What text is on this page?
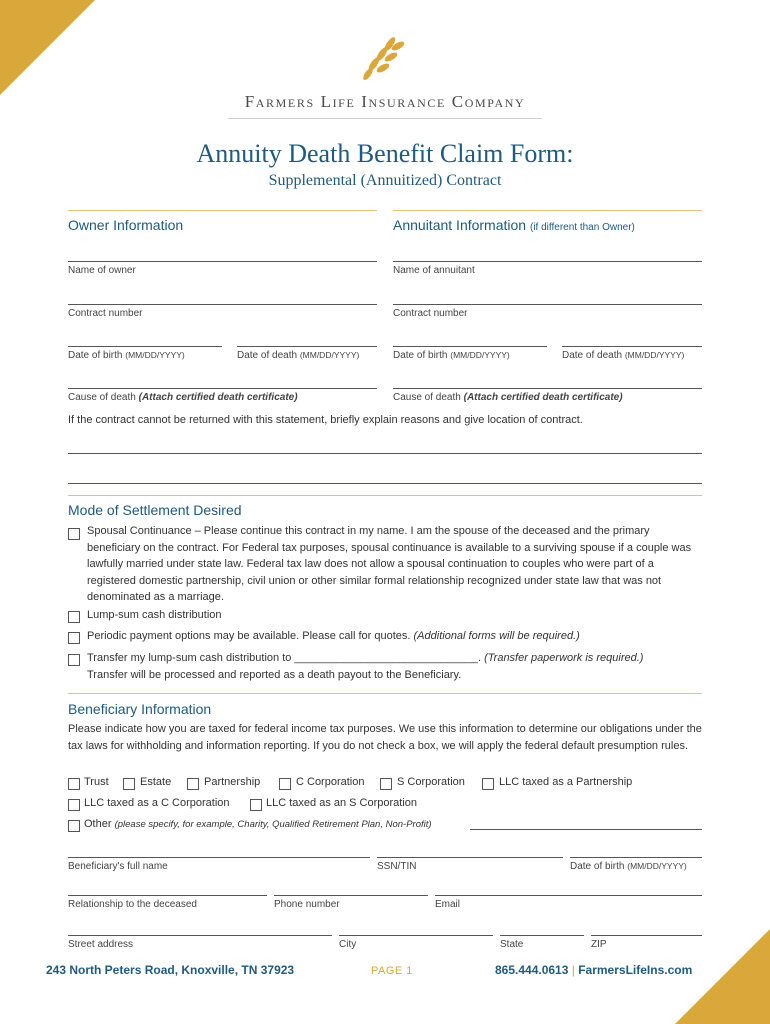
Farmers Life Insurance Company
Annuity Death Benefit Claim Form:
Supplemental (Annuitized) Contract
Owner Information	Annuitant Information (if different than Owner)
Name of owner	Name of annuitant
Contract number	Contract number
Date of birth (MM/DD/YYYY)	Date of death (MM/DD/YYYY)	Date of birth (MM/DD/YYYY)	Date of death (MM/DD/YYYY)
Cause of death (Attach certified death certificate)	Cause of death (Attach certified death certificate)
If the contract cannot be returned with this statement, briefly explain reasons and give location of contract.
Mode of Settlement Desired
Spousal Continuance – Please continue this contract in my name. I am the spouse of the deceased and the primary beneficiary on the contract. For Federal tax purposes, spousal continuance is available to a surviving spouse if a couple was lawfully married under state law. Federal tax law does not allow a spousal continuation to couples who were part of a registered domestic partnership, civil union or other similar formal relationship recognized under state law that was not denominated as a marriage.
Lump-sum cash distribution
Periodic payment options may be available. Please call for quotes. (Additional forms will be required.)
Transfer my lump-sum cash distribution to ______________________________. (Transfer paperwork is required.)
Transfer will be processed and reported as a death payout to the Beneficiary.
Beneficiary Information
Please indicate how you are taxed for federal income tax purposes. We use this information to determine our obligations under the tax laws for withholding and information reporting. If you do not check a box, we will apply the federal default presumption rules.
Trust	Estate	Partnership	C Corporation	S Corporation	LLC taxed as a Partnership
LLC taxed as a C Corporation	LLC taxed as an S Corporation
Other (please specify, for example, Charity, Qualified Retirement Plan, Non-Profit)
Beneficiary's full name	SSN/TIN	Date of birth (MM/DD/YYYY)
Relationship to the deceased	Phone number	Email
Street address	City	State	ZIP
243 North Peters Road, Knoxville, TN 37923	PAGE 1	865.444.0613 | FarmersLifeIns.com
